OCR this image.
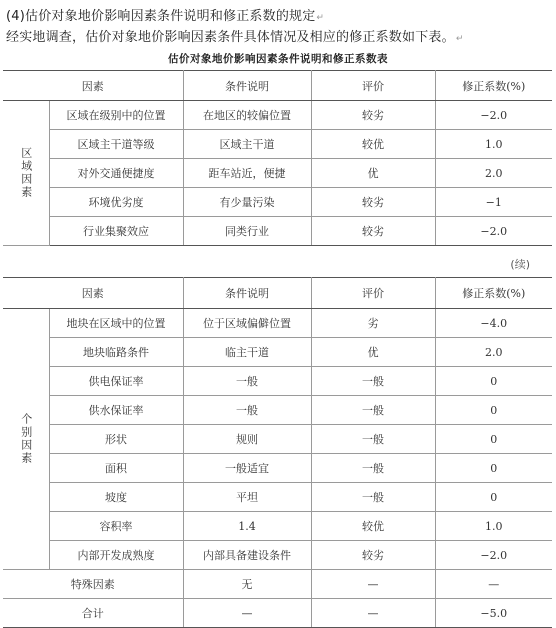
(4)估价对象地价影响因素条件说明和修正系数的规定↵
经实地调查，估价对象地价影响因素条件具体情况及相应的修正系数如下表。↵
估价对象地价影响因素条件说明和修正系数表
因素		条件说明	评价	修正系数(%)
区域因素	区域在级别中的位置	在地区的较偏位置	较劣	−2.0
	区域主干道等级	区域主干道	较优	1.0
	对外交通便捷度	距车站近，便捷	优	2.0
	环境优劣度	有少量污染	较劣	−1
	行业集聚效应	同类行业	较劣	−2.0
(续)
因素		条件说明	评价	修正系数(%)
个别因素	地块在区域中的位置	位于区域偏僻位置	劣	−4.0
	地块临路条件	临主干道	优	2.0
	供电保证率	一般	一般	0
	供水保证率	一般	一般	0
	形状	规则	一般	0
	面积	一般适宜	一般	0
	坡度	平坦	一般	0
	容积率	1.4	较优	1.0
	内部开发成熟度	内部具备建设条件	较劣	−2.0
特殊因素		无	—	—
合计		—	—	−5.0
